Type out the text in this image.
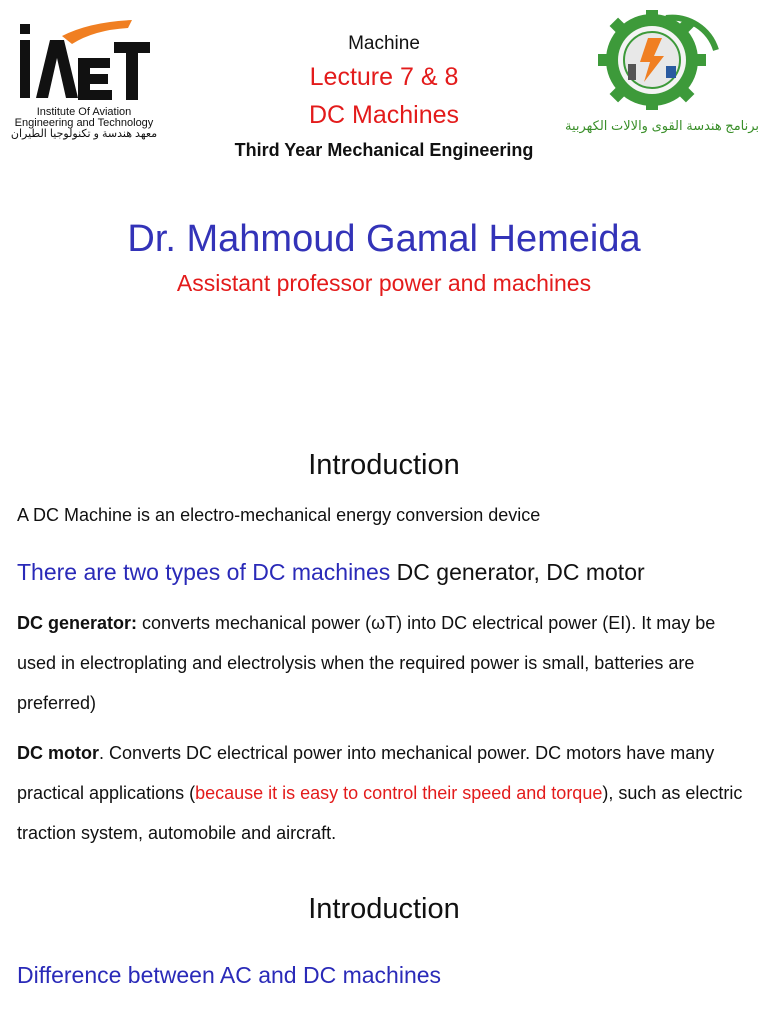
Institute Of Aviation
Engineering and Technology
معهد هندسة و تكنولوجيا الطيران
Machine
Lecture 7 & 8
DC Machines
Third Year Mechanical Engineering
برنامج هندسة القوى والالات الكهربية
Dr. Mahmoud Gamal Hemeida
Assistant professor power and machines
Introduction
A DC Machine is an electro-mechanical energy conversion device
There are two types of DC machines DC generator, DC motor
DC generator: converts mechanical power (ωT) into DC electrical power (EI). It may be used in electroplating and electrolysis when the required power is small, batteries are preferred)
DC motor. Converts DC electrical power into mechanical power. DC motors have many practical applications (because it is easy to control their speed and torque), such as electric traction system, automobile and aircraft.
Introduction
Difference between AC and DC machines
